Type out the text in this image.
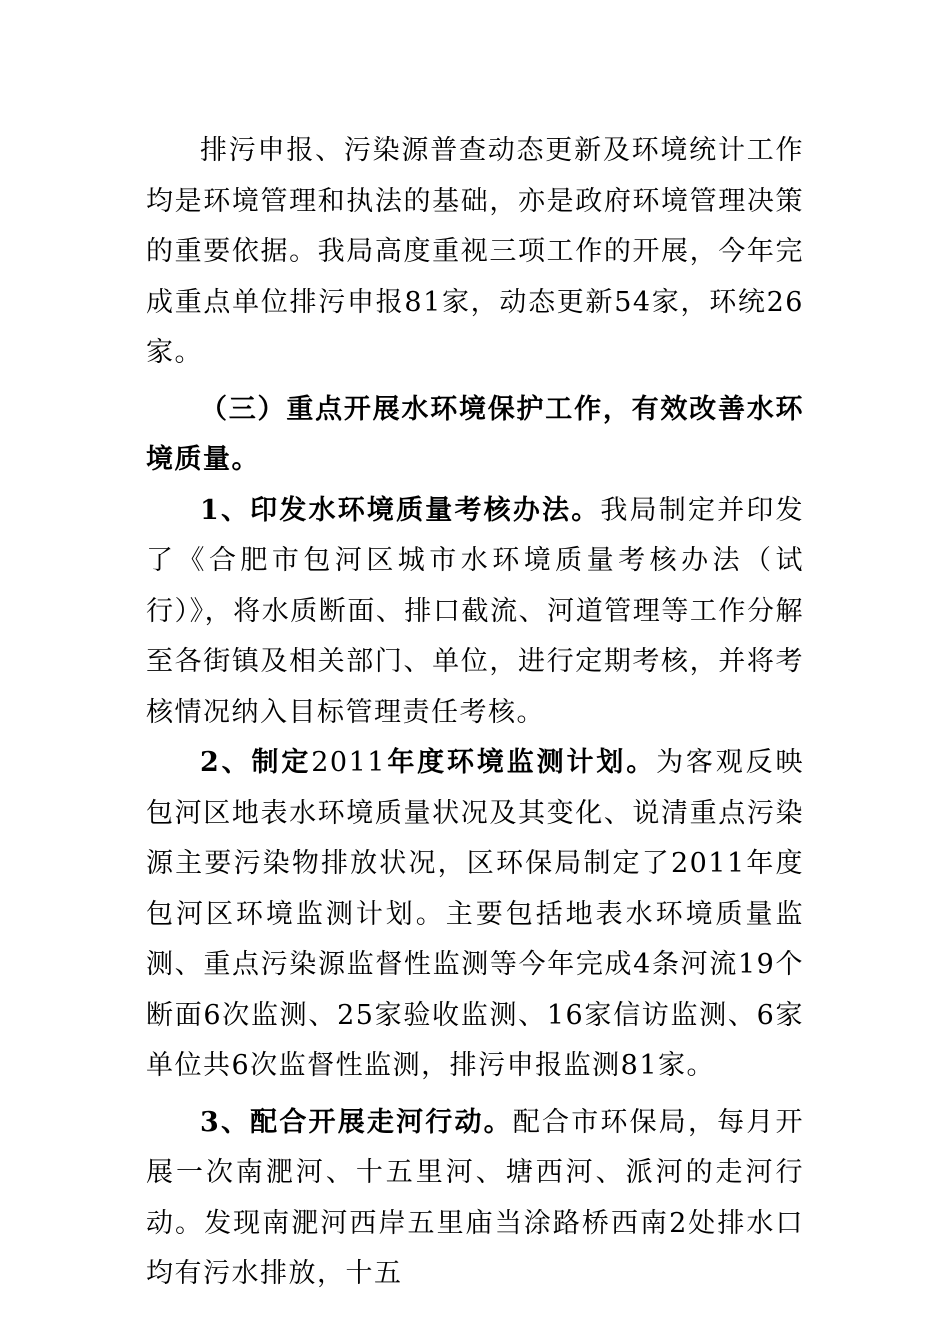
排污申报、污染源普查动态更新及环境统计工作均是环境管理和执法的基础，亦是政府环境管理决策的重要依据。我局高度重视三项工作的开展，今年完成重点单位排污申报81家，动态更新54家，环统26家。

（三）重点开展水环境保护工作，有效改善水环境质量。

1、印发水环境质量考核办法。我局制定并印发了《合肥市包河区城市水环境质量考核办法（试行）》，将水质断面、排口截流、河道管理等工作分解至各街镇及相关部门、单位，进行定期考核，并将考核情况纳入目标管理责任考核。

2、制定2011年度环境监测计划。为客观反映包河区地表水环境质量状况及其变化、说清重点污染源主要污染物排放状况，区环保局制定了2011年度包河区环境监测计划。主要包括地表水环境质量监测、重点污染源监督性监测等今年完成4条河流19个断面6次监测、25家验收监测、16家信访监测、6家单位共6次监督性监测，排污申报监测81家。

3、配合开展走河行动。配合市环保局，每月开展一次南淝河、十五里河、塘西河、派河的走河行动。发现南淝河西岸五里庙当涂路桥西南2处排水口均有污水排放，十五
